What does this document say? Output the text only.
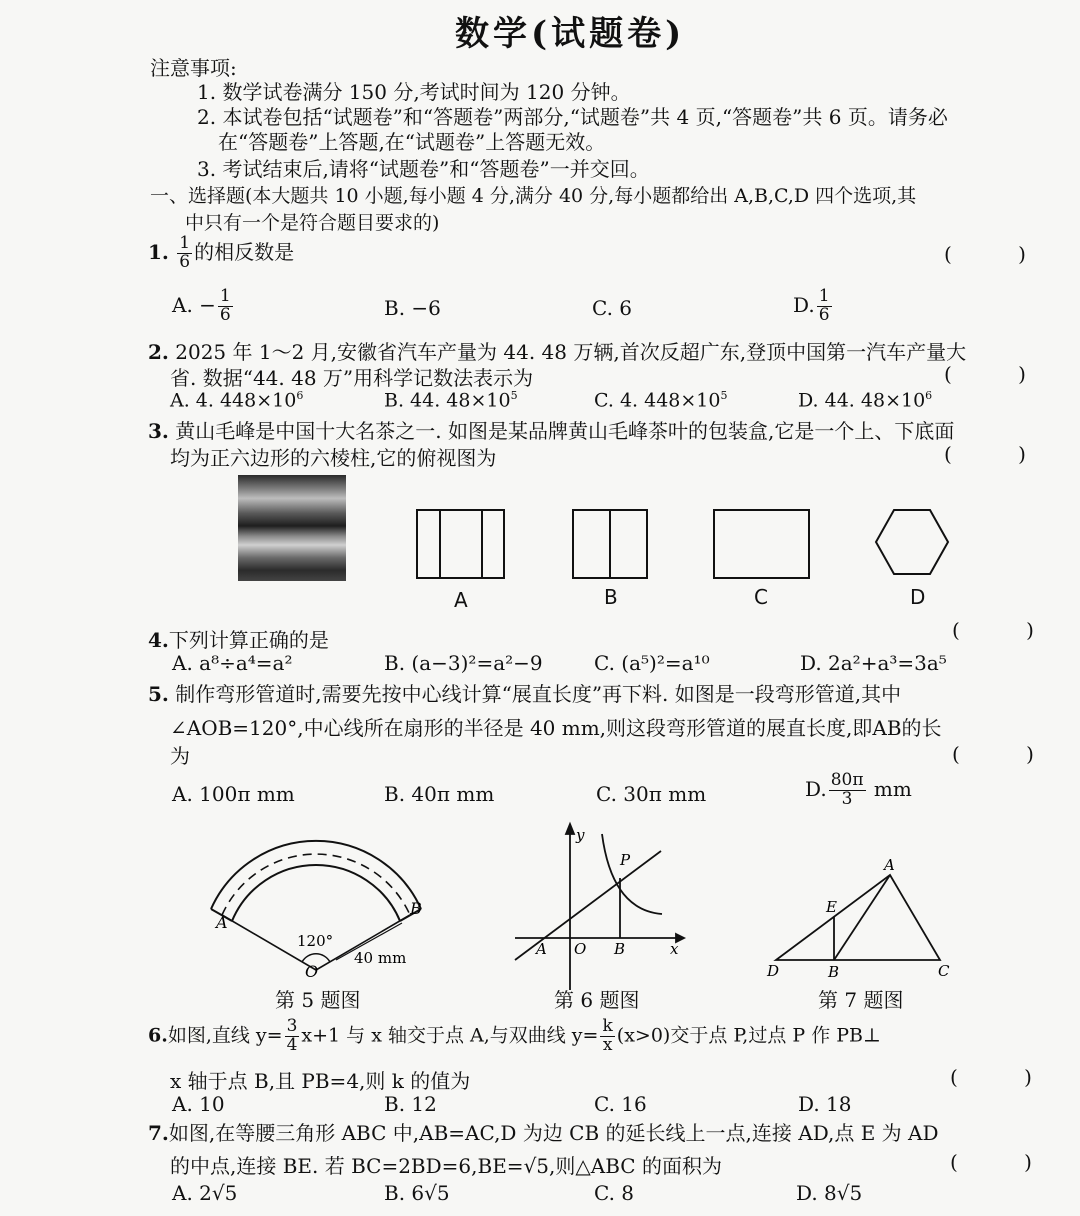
数学(试题卷)
注意事项:
1. 数学试卷满分 150 分,考试时间为 120 分钟。
2. 本试卷包括“试题卷”和“答题卷”两部分,“试题卷”共 4 页,“答题卷”共 6 页。请务必
在“答题卷”上答题,在“试题卷”上答题无效。
3. 考试结束后,请将“试题卷”和“答题卷”一并交回。
一、选择题(本大题共 10 小题,每小题 4 分,满分 40 分,每小题都给出 A,B,C,D 四个选项,其
中只有一个是符合题目要求的)
1. $\frac{1}{6}$ 的相反数是	( )
A. − $\frac{1}{6}$	B. −6	C. 6	D. $\frac{1}{6}$
2. 2025 年 1～2 月,安徽省汽车产量为 44. 48 万辆,首次反超广东,登顶中国第一汽车产量大
省. 数据“44. 48 万”用科学记数法表示为	( )
A. 4. $448\times 10^6$	B. 44. $48\times 10^5$	C. 4. $448\times 10^5$	D. 44. $48\times 10^6$
3. 黄山毛峰是中国十大名茶之一. 如图是某品牌黄山毛峰茶叶的包装盒,它是一个上、下底面
均为正六边形的六棱柱,它的俯视图为	( )
A	B	C	D
4.下列计算正确的是	( )
A. a⁸÷a⁴=a²	B. (a−3)²=a²−9	C. (a⁵)²=a¹⁰	D. 2a²+a³=3a⁵
5. 制作弯形管道时,需要先按中心线计算“展直长度”再下料. 如图是一段弯形管道,其中
∠AOB=120°,中心线所在扇形的半径是 40 mm,则这段弯形管道的展直长度,即AB的长
为	( )
A. 100π mm	B. 40π mm	C. 30π mm	D. $\frac{80\pi}{3}$ mm
A
B
O
120°
40 mm
y
x
P
A O B
A
E
D	B	C
第 5 题图	第 6 题图	第 7 题图
6.如图,直线 $y= \frac{3}{4} x+1$ 与 x 轴交于点 A,与双曲线 $y= \frac{k}{x} (x>0)$交于点 P,过点 P 作 PB⊥
x 轴于点 B,且 PB=4,则 k 的值为	( )
A. 10	B. 12	C. 16	D. 18
7.如图,在等腰三角形 ABC 中,AB=AC,D 为边 CB 的延长线上一点,连接 AD,点 E 为 AD
的中点,连接 BE. 若 BC=2BD=6,BE=√5,则△ABC 的面积为	( )
A. 2√5	B. 6√5	C. 8	D. 8√5
